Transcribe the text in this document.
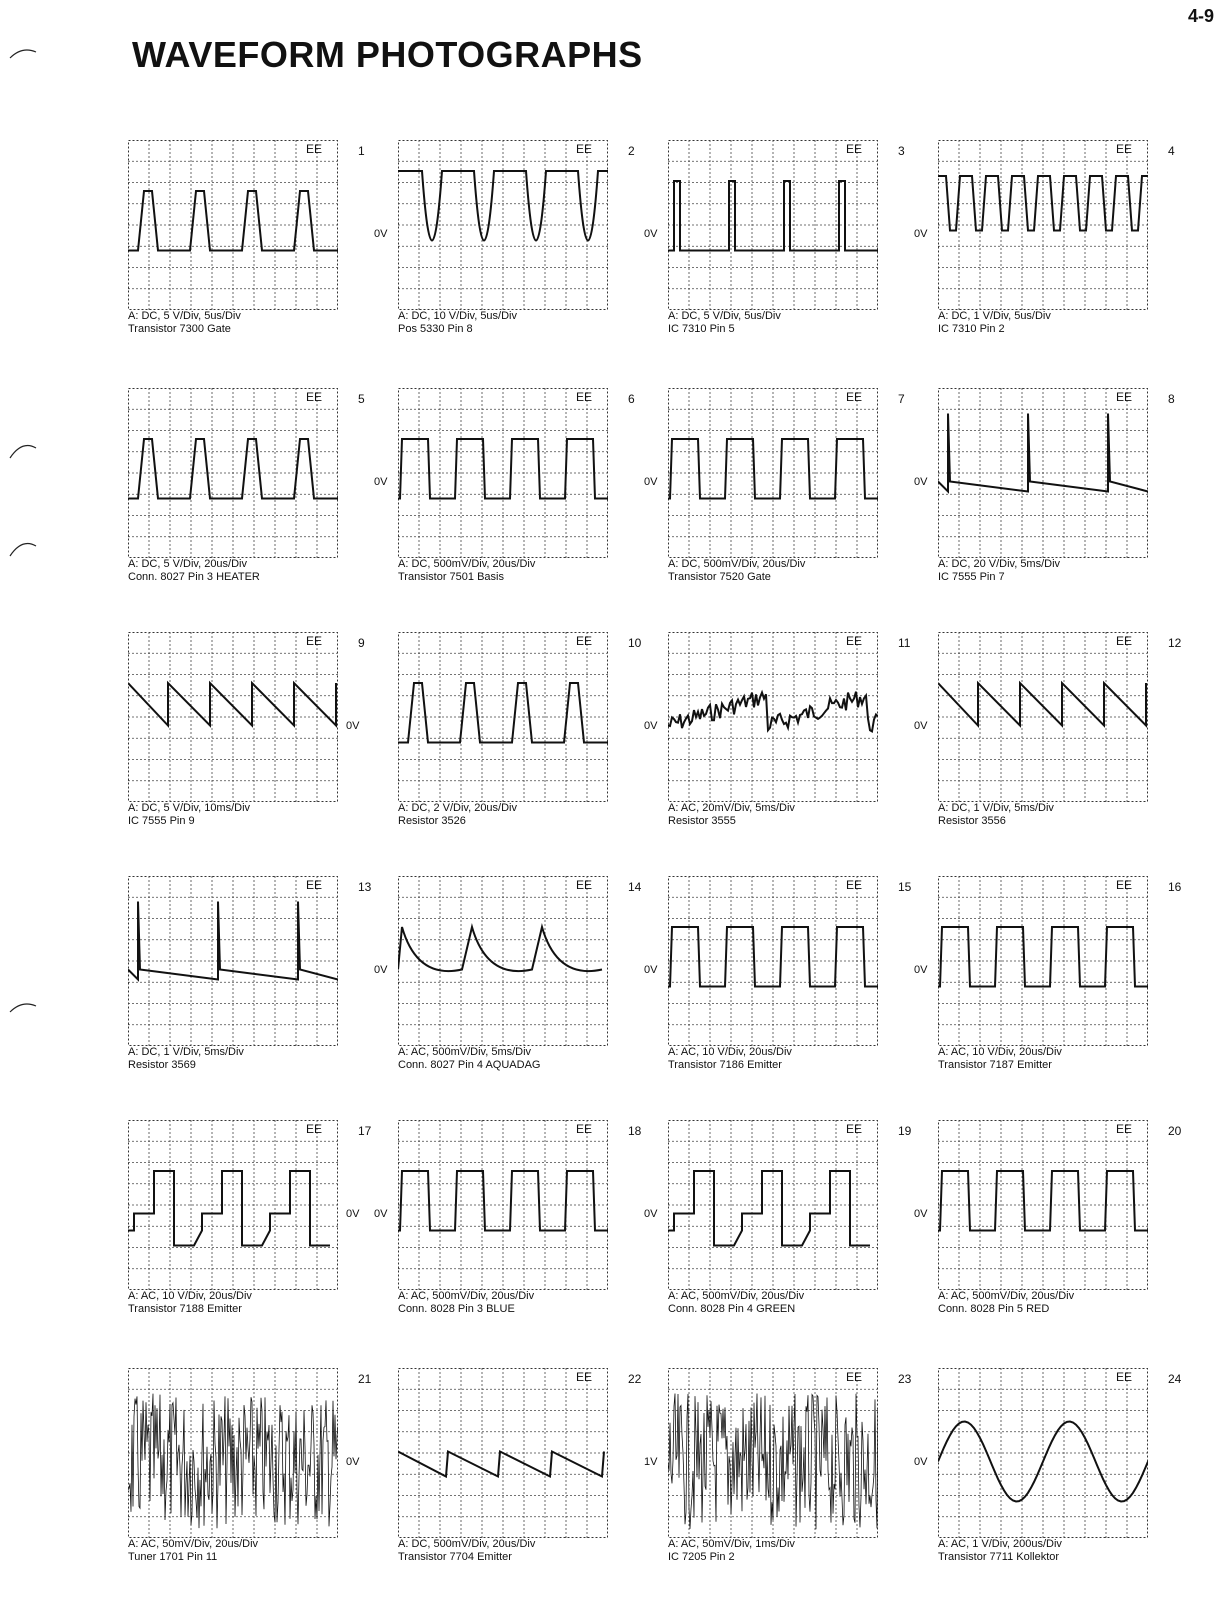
4-9
WAVEFORM PHOTOGRAPHS
EE	1
A: DC, 5 V/Div, 5us/Div
Transistor 7300 Gate
EE	2
0V
A: DC, 10 V/Div, 5us/Div
Pos 5330 Pin 8
EE	3
0V
A: DC, 5 V/Div, 5us/Div
IC 7310 Pin 5
EE	4
0V
A: DC, 1 V/Div, 5us/Div
IC 7310 Pin 2
EE	5
A: DC, 5 V/Div, 20us/Div
Conn. 8027 Pin 3 HEATER
EE	6
0V
A: DC, 500mV/Div, 20us/Div
Transistor 7501 Basis
EE	7
0V
A: DC, 500mV/Div, 20us/Div
Transistor 7520 Gate
EE	8
0V
A: DC, 20 V/Div, 5ms/Div
IC 7555 Pin 7
EE	9
0V
A: DC, 5 V/Div, 10ms/Div
IC 7555 Pin 9
EE	10
A: DC, 2 V/Div, 20us/Div
Resistor 3526
EE	11
0V
A: AC, 20mV/Div, 5ms/Div
Resistor 3555
EE	12
0V
A: DC, 1 V/Div, 5ms/Div
Resistor 3556
EE	13
A: DC, 1 V/Div, 5ms/Div
Resistor 3569
EE	14
0V
A: AC, 500mV/Div, 5ms/Div
Conn. 8027 Pin 4 AQUADAG
EE	15
0V
A: AC, 10 V/Div, 20us/Div
Transistor 7186 Emitter
EE	16
0V
A: AC, 10 V/Div, 20us/Div
Transistor 7187 Emitter
EE	17
0V
A: AC, 10 V/Div, 20us/Div
Transistor 7188 Emitter
EE	18
0V
A: AC, 500mV/Div, 20us/Div
Conn. 8028 Pin 3 BLUE
EE	19
0V
A: AC, 500mV/Div, 20us/Div
Conn. 8028 Pin 4 GREEN
EE	20
0V
A: AC, 500mV/Div, 20us/Div
Conn. 8028 Pin 5 RED
21
0V
A: AC, 50mV/Div, 20us/Div
Tuner 1701 Pin 11
EE	22
A: DC, 500mV/Div, 20us/Div
Transistor 7704 Emitter
EE	23
1V
A: AC, 50mV/Div, 1ms/Div
IC 7205 Pin 2
EE	24
0V
A: AC, 1 V/Div, 200us/Div
Transistor 7711 Kollektor
